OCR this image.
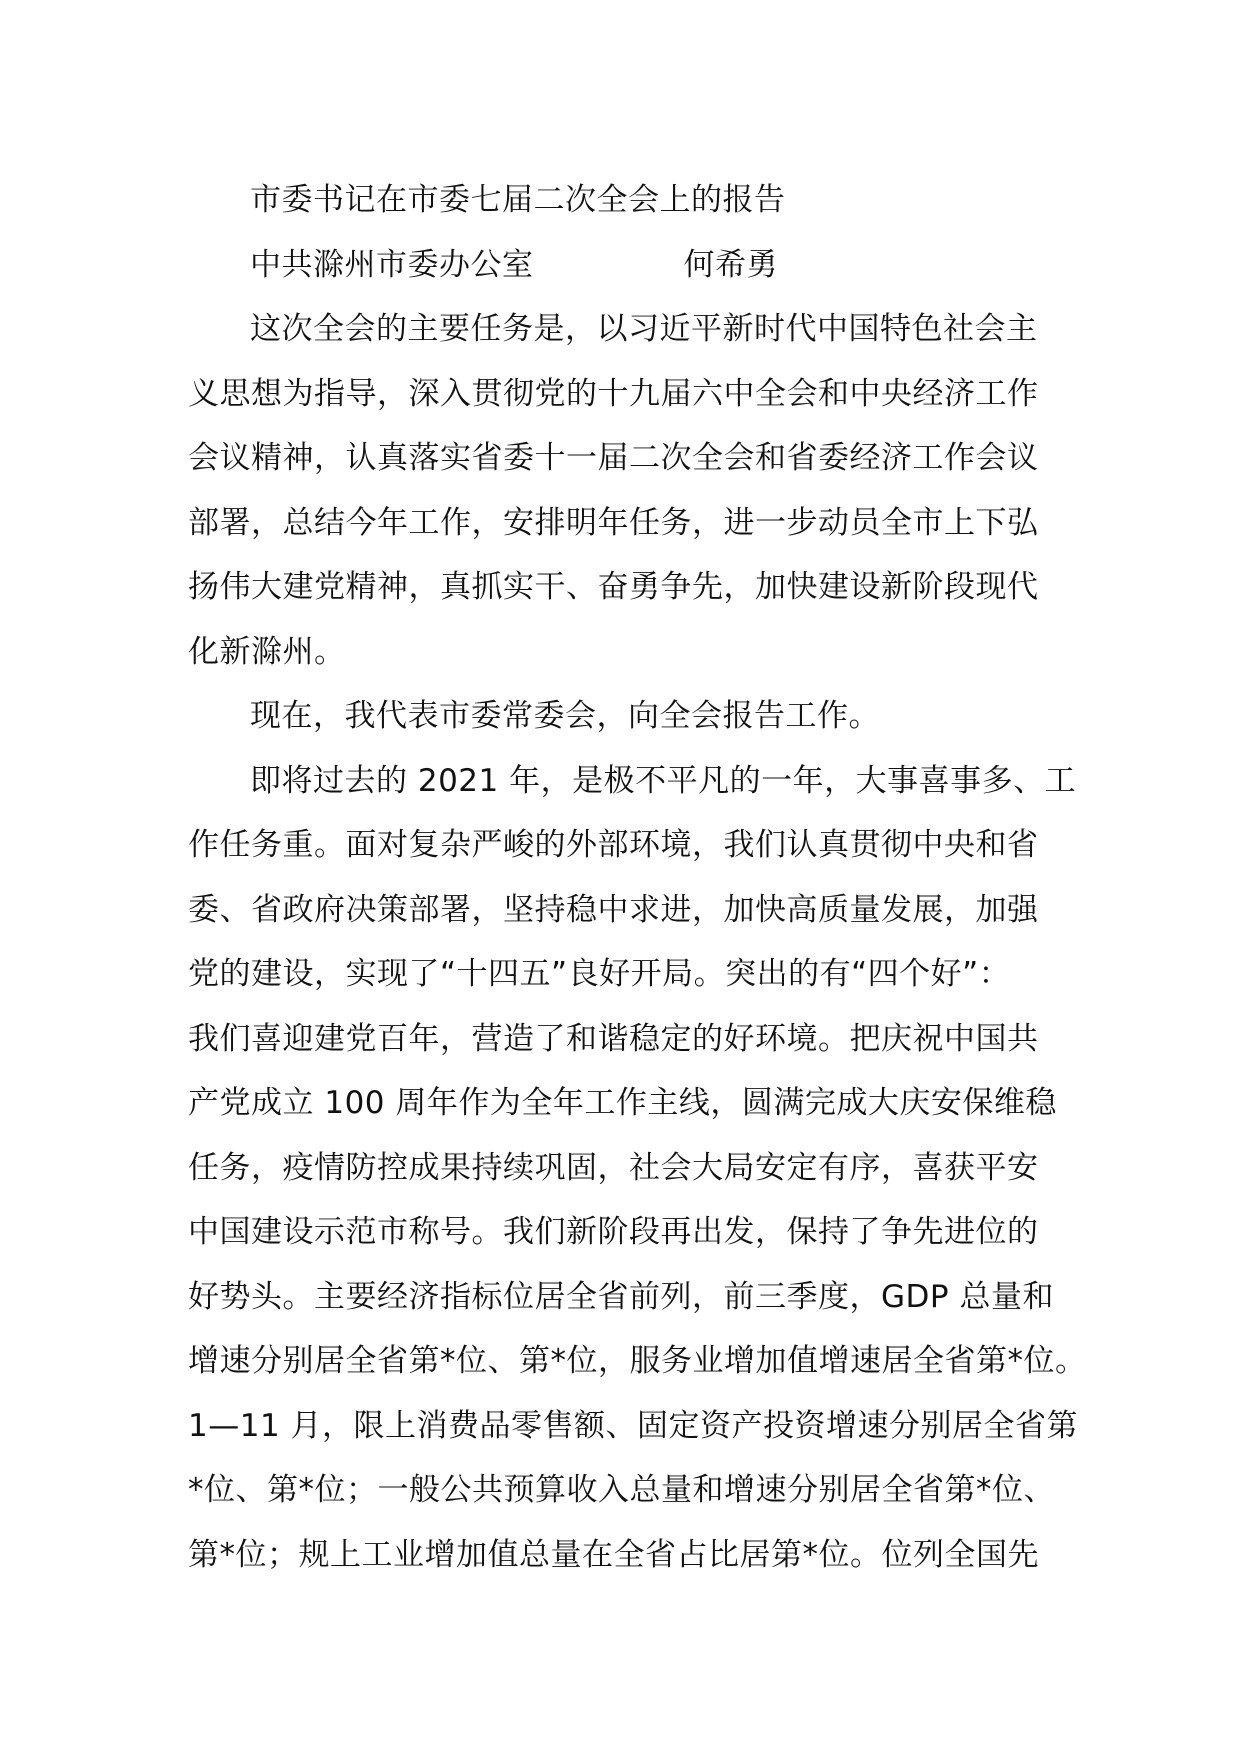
市委书记在市委七届二次全会上的报告
中共滁州市委办公室	何希勇
这次全会的主要任务是，以习近平新时代中国特色社会主
义思想为指导，深入贯彻党的十九届六中全会和中央经济工作
会议精神，认真落实省委十一届二次全会和省委经济工作会议
部署，总结今年工作，安排明年任务，进一步动员全市上下弘
扬伟大建党精神，真抓实干、奋勇争先，加快建设新阶段现代
化新滁州。
现在，我代表市委常委会，向全会报告工作。
即将过去的 2021 年，是极不平凡的一年，大事喜事多、工
作任务重。面对复杂严峻的外部环境，我们认真贯彻中央和省
委、省政府决策部署，坚持稳中求进，加快高质量发展，加强
党的建设，实现了“十四五”良好开局。突出的有“四个好”：
我们喜迎建党百年，营造了和谐稳定的好环境。把庆祝中国共
产党成立 100 周年作为全年工作主线，圆满完成大庆安保维稳
任务，疫情防控成果持续巩固，社会大局安定有序，喜获平安
中国建设示范市称号。我们新阶段再出发，保持了争先进位的
好势头。主要经济指标位居全省前列，前三季度，GDP 总量和
增速分别居全省第*位、第*位，服务业增加值增速居全省第*位。
1—11 月，限上消费品零售额、固定资产投资增速分别居全省第
*位、第*位；一般公共预算收入总量和增速分别居全省第*位、
第*位；规上工业增加值总量在全省占比居第*位。位列全国先
